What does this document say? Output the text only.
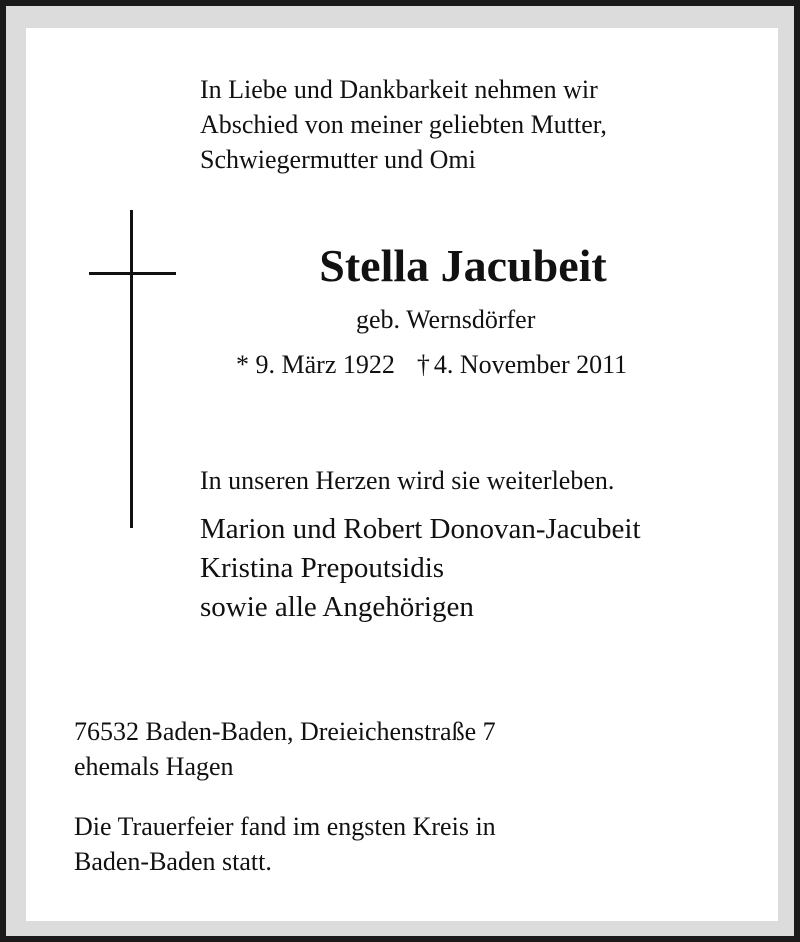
In Liebe und Dankbarkeit nehmen wir
Abschied von meiner geliebten Mutter,
Schwiegermutter und Omi
Stella Jacubeit
geb. Wernsdörfer
* 9. März 1922 † 4. November 2011
In unseren Herzen wird sie weiterleben.
Marion und Robert Donovan-Jacubeit
Kristina Prepoutsidis
sowie alle Angehörigen
76532 Baden-Baden, Dreieichenstraße 7
ehemals Hagen
Die Trauerfeier fand im engsten Kreis in
Baden-Baden statt.
